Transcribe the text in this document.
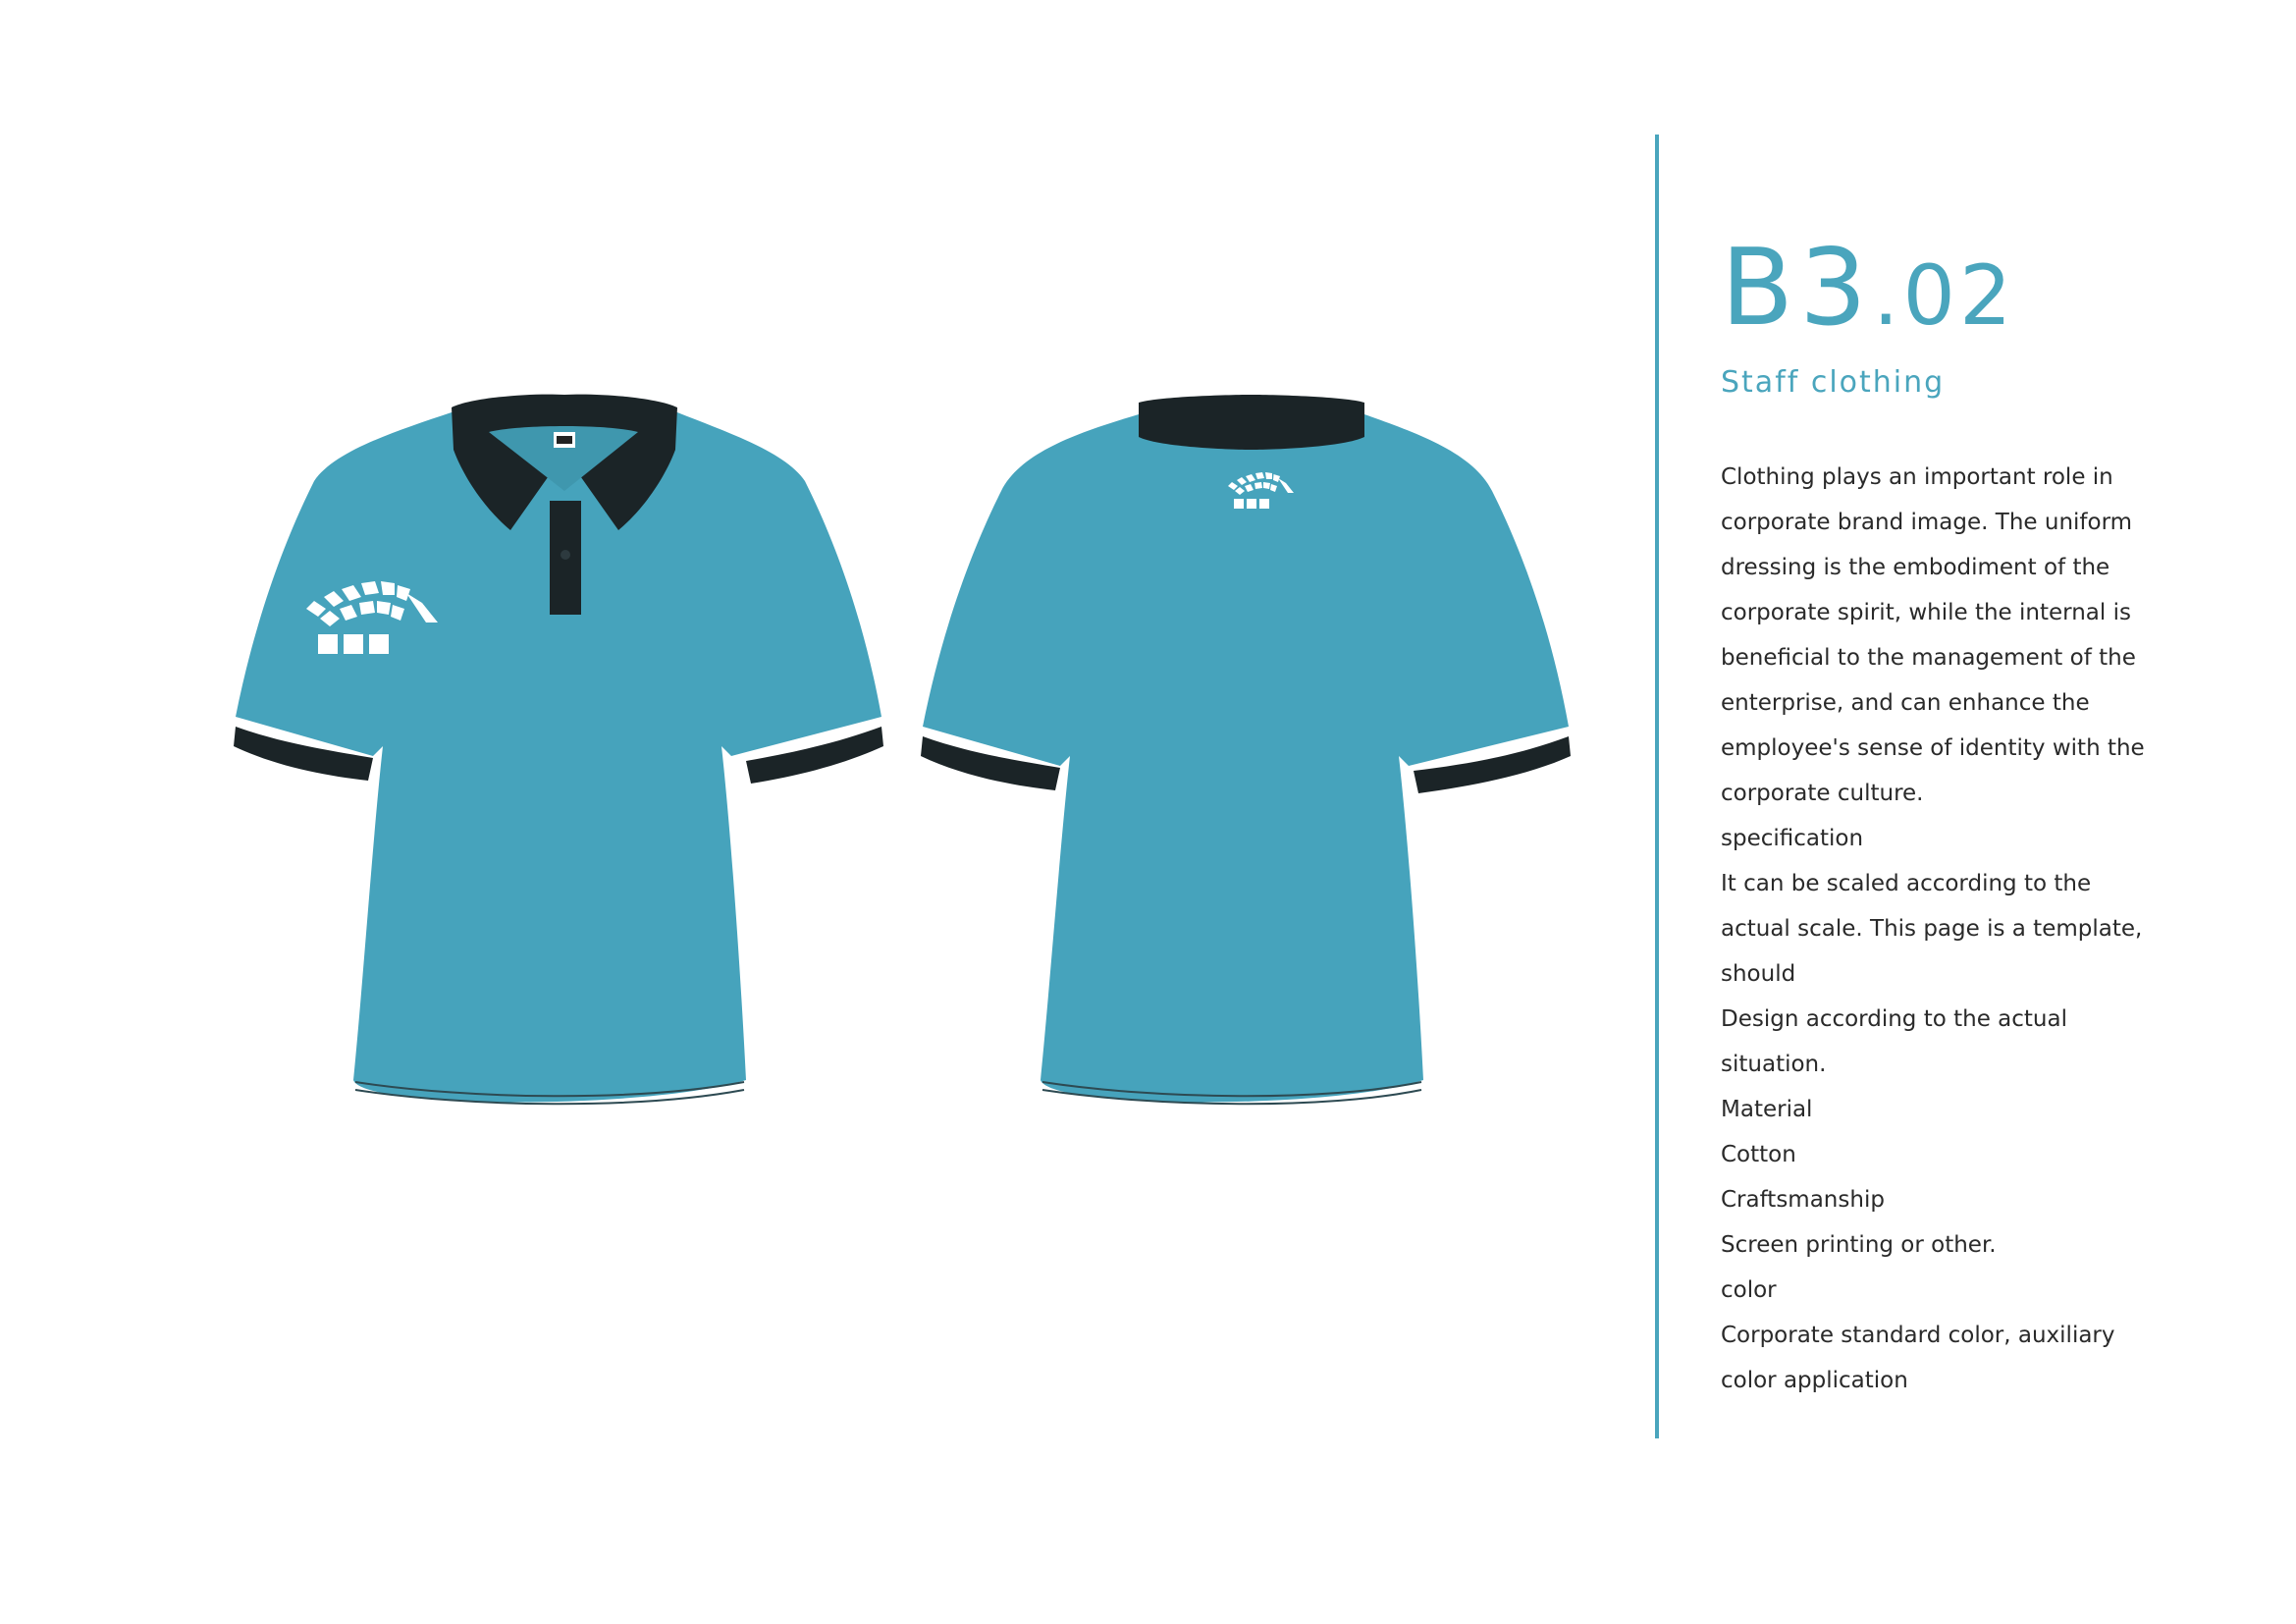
B3.02
Staff clothing
Clothing plays an important role in
corporate brand image. The uniform
dressing is the embodiment of the
corporate spirit, while the internal is
beneficial to the management of the
enterprise, and can enhance the
employee's sense of identity with the
corporate culture.
specification
It can be scaled according to the
actual scale. This page is a template,
should
Design according to the actual
situation.
Material
Cotton
Craftsmanship
Screen printing or other.
color
Corporate standard color, auxiliary
color application
